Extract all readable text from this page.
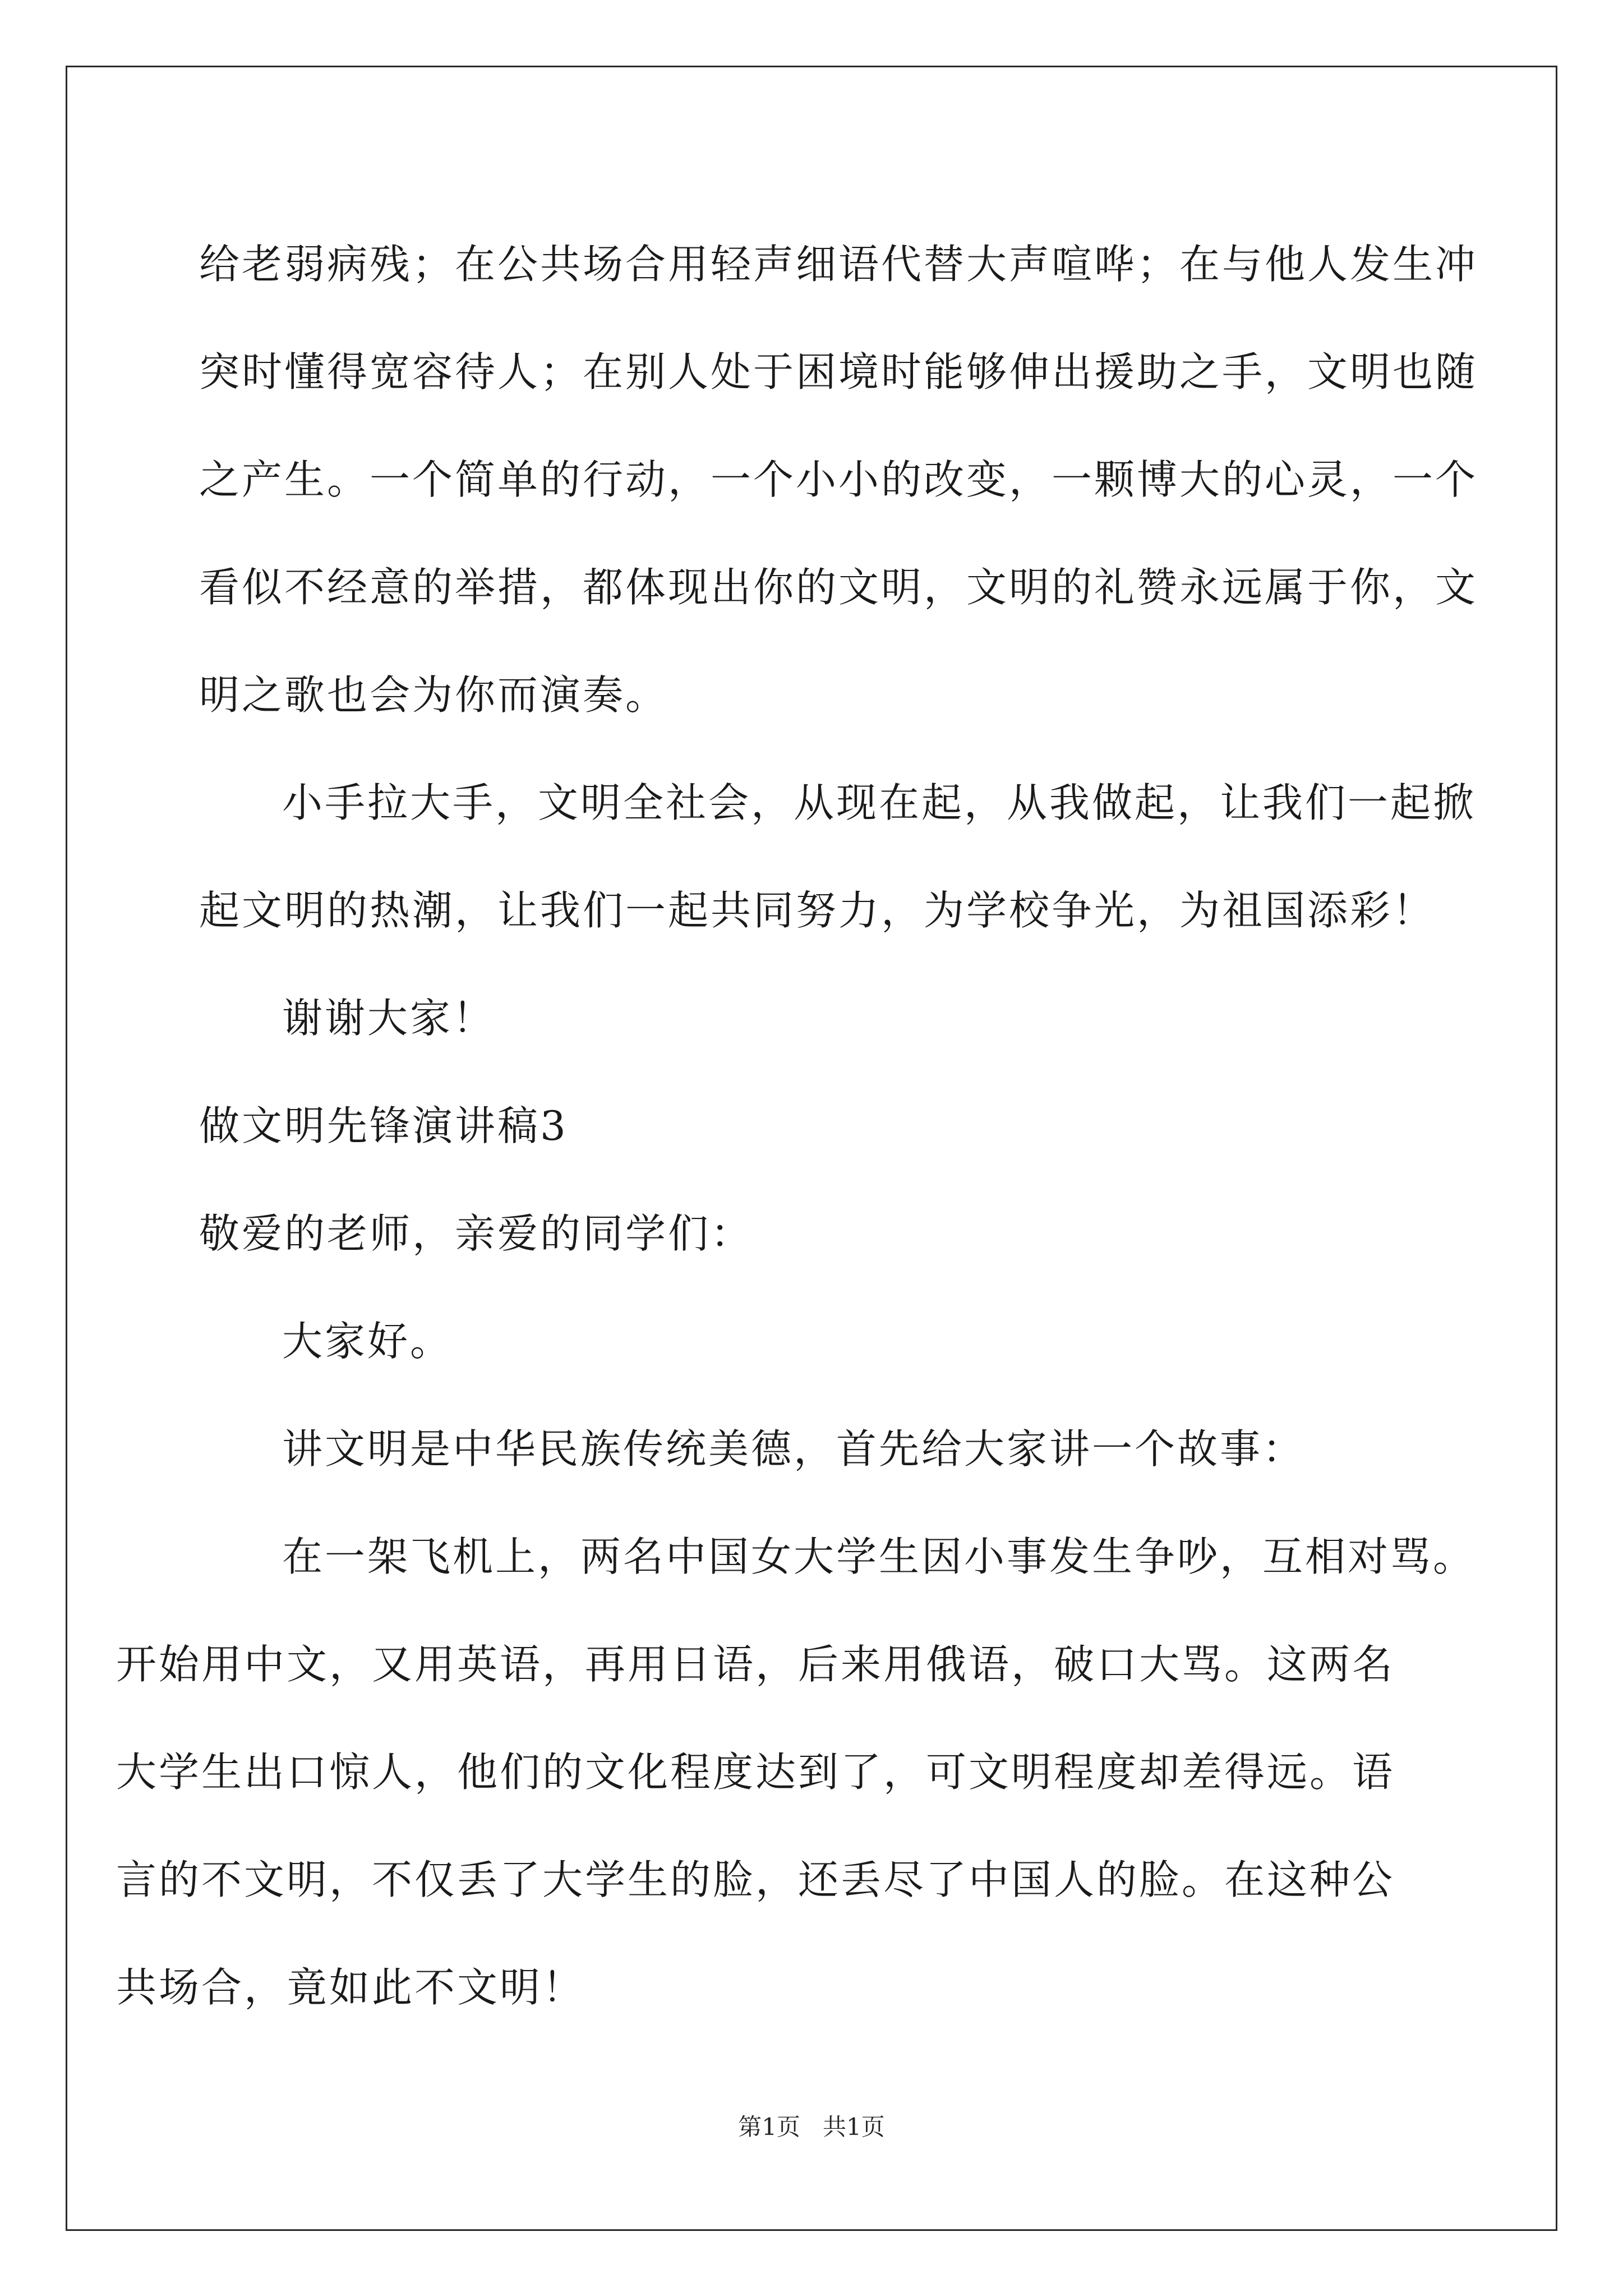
给老弱病残；在公共场合用轻声细语代替大声喧哗；在与他人发生冲
突时懂得宽容待人；在别人处于困境时能够伸出援助之手，文明也随
之产生。一个简单的行动，一个小小的改变，一颗博大的心灵，一个
看似不经意的举措，都体现出你的文明，文明的礼赞永远属于你，文
明之歌也会为你而演奏。

小手拉大手，文明全社会，从现在起，从我做起，让我们一起掀
起文明的热潮，让我们一起共同努力，为学校争光，为祖国添彩！

谢谢大家！

做文明先锋演讲稿3

敬爱的老师，亲爱的同学们：

大家好。

讲文明是中华民族传统美德，首先给大家讲一个故事：

在一架飞机上，两名中国女大学生因小事发生争吵，互相对骂。
开始用中文，又用英语，再用日语，后来用俄语，破口大骂。这两名
大学生出口惊人，他们的文化程度达到了，可文明程度却差得远。语
言的不文明，不仅丢了大学生的脸，还丢尽了中国人的脸。在这种公
共场合，竟如此不文明！

第1页   共1页
